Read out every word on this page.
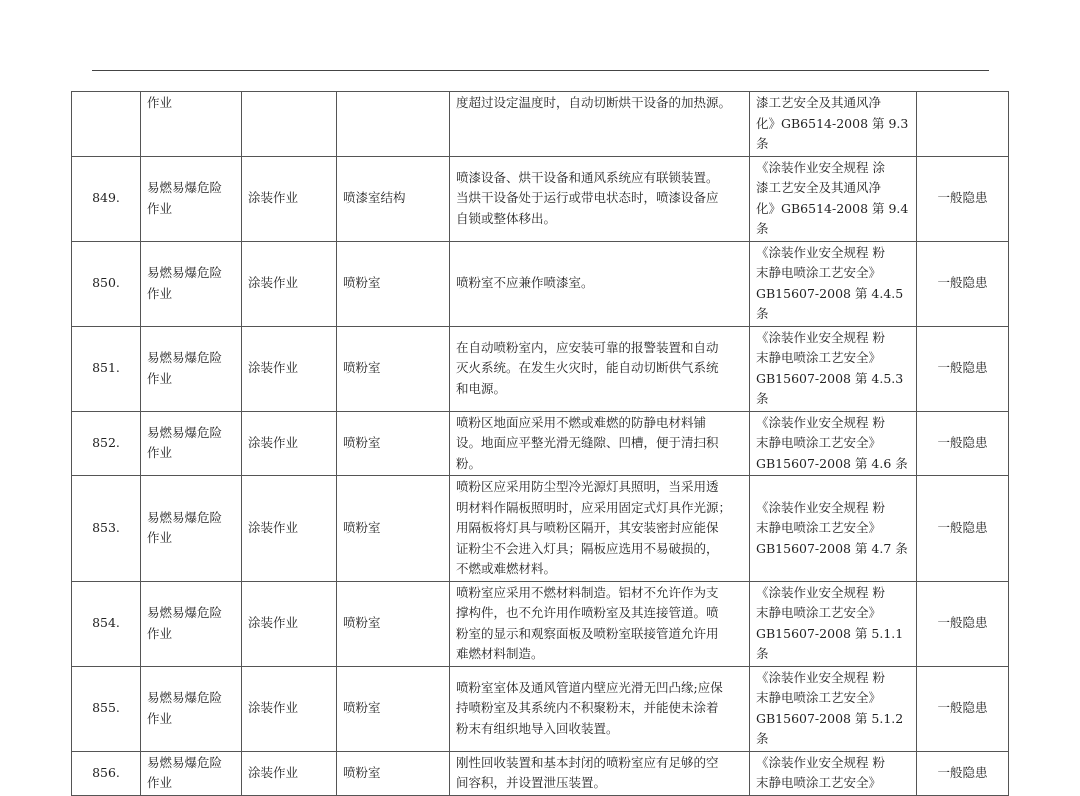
	作业			度超过设定温度时，自动切断烘干设备的加热源。	漆工艺安全及其通风净
化》GB6514-2008 第 9.3 条	
849.	易燃易爆危险
作业	涂装作业	喷漆室结构	喷漆设备、烘干设备和通风系统应有联锁装置。
当烘干设备处于运行或带电状态时，喷漆设备应
自锁或整体移出。	《涂装作业安全规程 涂
漆工艺安全及其通风净
化》GB6514-2008 第 9.4 条	一般隐患
850.	易燃易爆危险
作业	涂装作业	喷粉室	喷粉室不应兼作喷漆室。	《涂装作业安全规程 粉
末静电喷涂工艺安全》
GB15607-2008 第 4.4.5 条	一般隐患
851.	易燃易爆危险
作业	涂装作业	喷粉室	在自动喷粉室内，应安装可靠的报警装置和自动
灭火系统。在发生火灾时，能自动切断供气系统
和电源。	《涂装作业安全规程 粉
末静电喷涂工艺安全》
GB15607-2008 第 4.5.3 条	一般隐患
852.	易燃易爆危险
作业	涂装作业	喷粉室	喷粉区地面应采用不燃或难燃的防静电材料铺
设。地面应平整光滑无缝隙、凹槽，便于清扫积
粉。	《涂装作业安全规程 粉
末静电喷涂工艺安全》
GB15607-2008 第 4.6 条	一般隐患
853.	易燃易爆危险
作业	涂装作业	喷粉室	喷粉区应采用防尘型冷光源灯具照明，当采用透
明材料作隔板照明时，应采用固定式灯具作光源；
用隔板将灯具与喷粉区隔开，其安装密封应能保
证粉尘不会进入灯具；隔板应选用不易破损的，
不燃或难燃材料。	《涂装作业安全规程 粉
末静电喷涂工艺安全》
GB15607-2008 第 4.7 条	一般隐患
854.	易燃易爆危险
作业	涂装作业	喷粉室	喷粉室应采用不燃材料制造。铝材不允许作为支
撑构件，也不允许用作喷粉室及其连接管道。喷
粉室的显示和观察面板及喷粉室联接管道允许用
难燃材料制造。	《涂装作业安全规程 粉
末静电喷涂工艺安全》
GB15607-2008 第 5.1.1 条	一般隐患
855.	易燃易爆危险
作业	涂装作业	喷粉室	喷粉室室体及通风管道内壁应光滑无凹凸缘;应保
持喷粉室及其系统内不积聚粉末，并能使未涂着
粉末有组织地导入回收装置。	《涂装作业安全规程 粉
末静电喷涂工艺安全》
GB15607-2008 第 5.1.2 条	一般隐患
856.	易燃易爆危险
作业	涂装作业	喷粉室	刚性回收装置和基本封闭的喷粉室应有足够的空
间容积，并设置泄压装置。	《涂装作业安全规程 粉
末静电喷涂工艺安全》	一般隐患
